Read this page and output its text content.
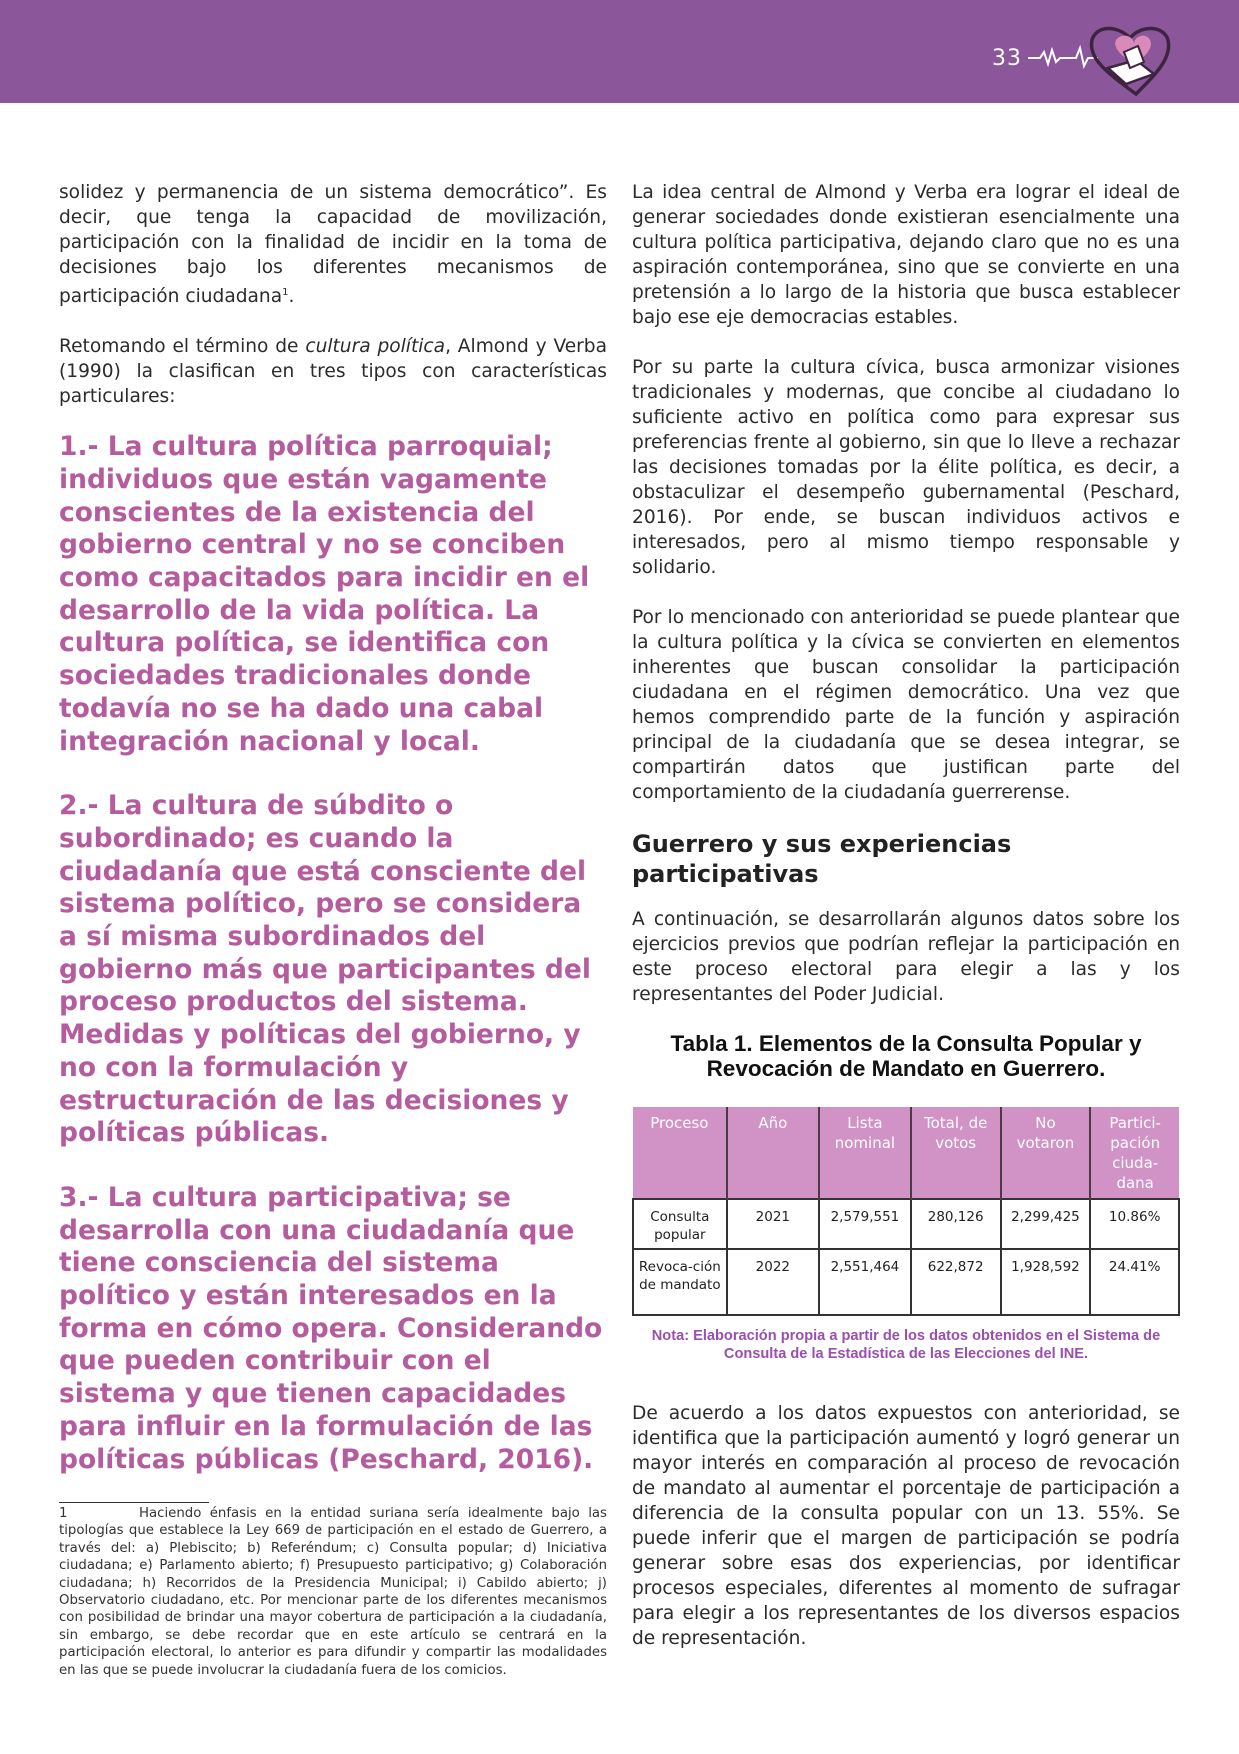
33

solidez y permanencia de un sistema democrático”. Es decir, que tenga la capacidad de movilización, participación con la finalidad de incidir en la toma de decisiones bajo los diferentes mecanismos de participación ciudadana$^1$.

Retomando el término de cultura política, Almond y Verba (1990) la clasifican en tres tipos con características particulares:

1.- La cultura política parroquial; individuos que están vagamente conscientes de la existencia del gobierno central y no se conciben como capacitados para incidir en el desarrollo de la vida política. La cultura política, se identifica con sociedades tradicionales donde todavía no se ha dado una cabal integración nacional y local.

2.- La cultura de súbdito o subordinado; es cuando la ciudadanía que está consciente del sistema político, pero se considera a sí misma subordinados del gobierno más que participantes del proceso productos del sistema. Medidas y políticas del gobierno, y no con la formulación y estructuración de las decisiones y políticas públicas.

3.- La cultura participativa; se desarrolla con una ciudadanía que tiene consciencia del sistema político y están interesados en la forma en cómo opera. Considerando que pueden contribuir con el sistema y que tienen capacidades para influir en la formulación de las políticas públicas (Peschard, 2016).

1	Haciendo énfasis en la entidad suriana sería idealmente bajo las tipologías que establece la Ley 669 de participación en el estado de Guerrero, a través del: a) Plebiscito; b) Referéndum; c) Consulta popular; d) Iniciativa ciudadana; e) Parlamento abierto; f) Presupuesto participativo; g) Colaboración ciudadana; h) Recorridos de la Presidencia Municipal; i) Cabildo abierto; j) Observatorio ciudadano, etc. Por mencionar parte de los diferentes mecanismos con posibilidad de brindar una mayor cobertura de participación a la ciudadanía, sin embargo, se debe recordar que en este artículo se centrará en la participación electoral, lo anterior es para difundir y compartir las modalidades en las que se puede involucrar la ciudadanía fuera de los comicios.

La idea central de Almond y Verba era lograr el ideal de generar sociedades donde existieran esencialmente una cultura política participativa, dejando claro que no es una aspiración contemporánea, sino que se convierte en una pretensión a lo largo de la historia que busca establecer bajo ese eje democracias estables.

Por su parte la cultura cívica, busca armonizar visiones tradicionales y modernas, que concibe al ciudadano lo suficiente activo en política como para expresar sus preferencias frente al gobierno, sin que lo lleve a rechazar las decisiones tomadas por la élite política, es decir, a obstaculizar el desempeño gubernamental (Peschard, 2016). Por ende, se buscan individuos activos e interesados, pero al mismo tiempo responsable y solidario.

Por lo mencionado con anterioridad se puede plantear que la cultura política y la cívica se convierten en elementos inherentes que buscan consolidar la participación ciudadana en el régimen democrático. Una vez que hemos comprendido parte de la función y aspiración principal de la ciudadanía que se desea integrar, se compartirán datos que justifican parte del comportamiento de la ciudadanía guerrerense.

Guerrero y sus experiencias participativas

A continuación, se desarrollarán algunos datos sobre los ejercicios previos que podrían reflejar la participación en este proceso electoral para elegir a las y los representantes del Poder Judicial.

Tabla 1. Elementos de la Consulta Popular y
Revocación de Mandato en Guerrero.
Proceso	Año	Lista nominal	Total, de votos	No votaron	Partici-pación ciuda-dana
Consulta popular	2021	2,579,551	280,126	2,299,425	10.86%
Revoca-ción de mandato	2022	2,551,464	622,872	1,928,592	24.41%

Nota: Elaboración propia a partir de los datos obtenidos en el Sistema de Consulta de la Estadística de las Elecciones del INE.

De acuerdo a los datos expuestos con anterioridad, se identifica que la participación aumentó y logró generar un mayor interés en comparación al proceso de revocación de mandato al aumentar el porcentaje de participación a diferencia de la consulta popular con un 13. 55%. Se puede inferir que el margen de participación se podría generar sobre esas dos experiencias, por identificar procesos especiales, diferentes al momento de sufragar para elegir a los representantes de los diversos espacios de representación.
